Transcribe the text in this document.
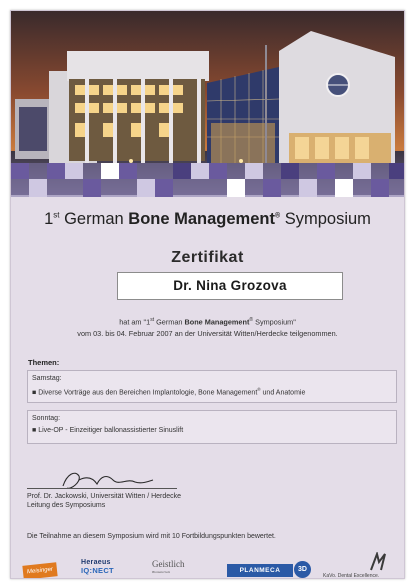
1st German Bone Management® Symposium
Zertifikat
Dr. Nina Grozova
hat am "1st German Bone Management® Symposium"
vom 03. bis 04. Februar 2007 an der Universität Witten/Herdecke teilgenommen.
Themen:
Samstag:
■ Diverse Vorträge aus den Bereichen Implantologie, Bone Management® und Anatomie
Sonntag:
■ Live-OP - Einzeitiger ballonassistierter Sinuslift
Prof. Dr. Jackowski, Universität Witten / Herdecke
Leitung des Symposiums
Die Teilnahme an diesem Symposium wird mit 10 Fortbildungspunkten bewertet.
Meisinger
Heraeus
IQ:NECT
Geistlich
Biomaterials	PLANMECA	3D
KaVo. Dental Excellence.
